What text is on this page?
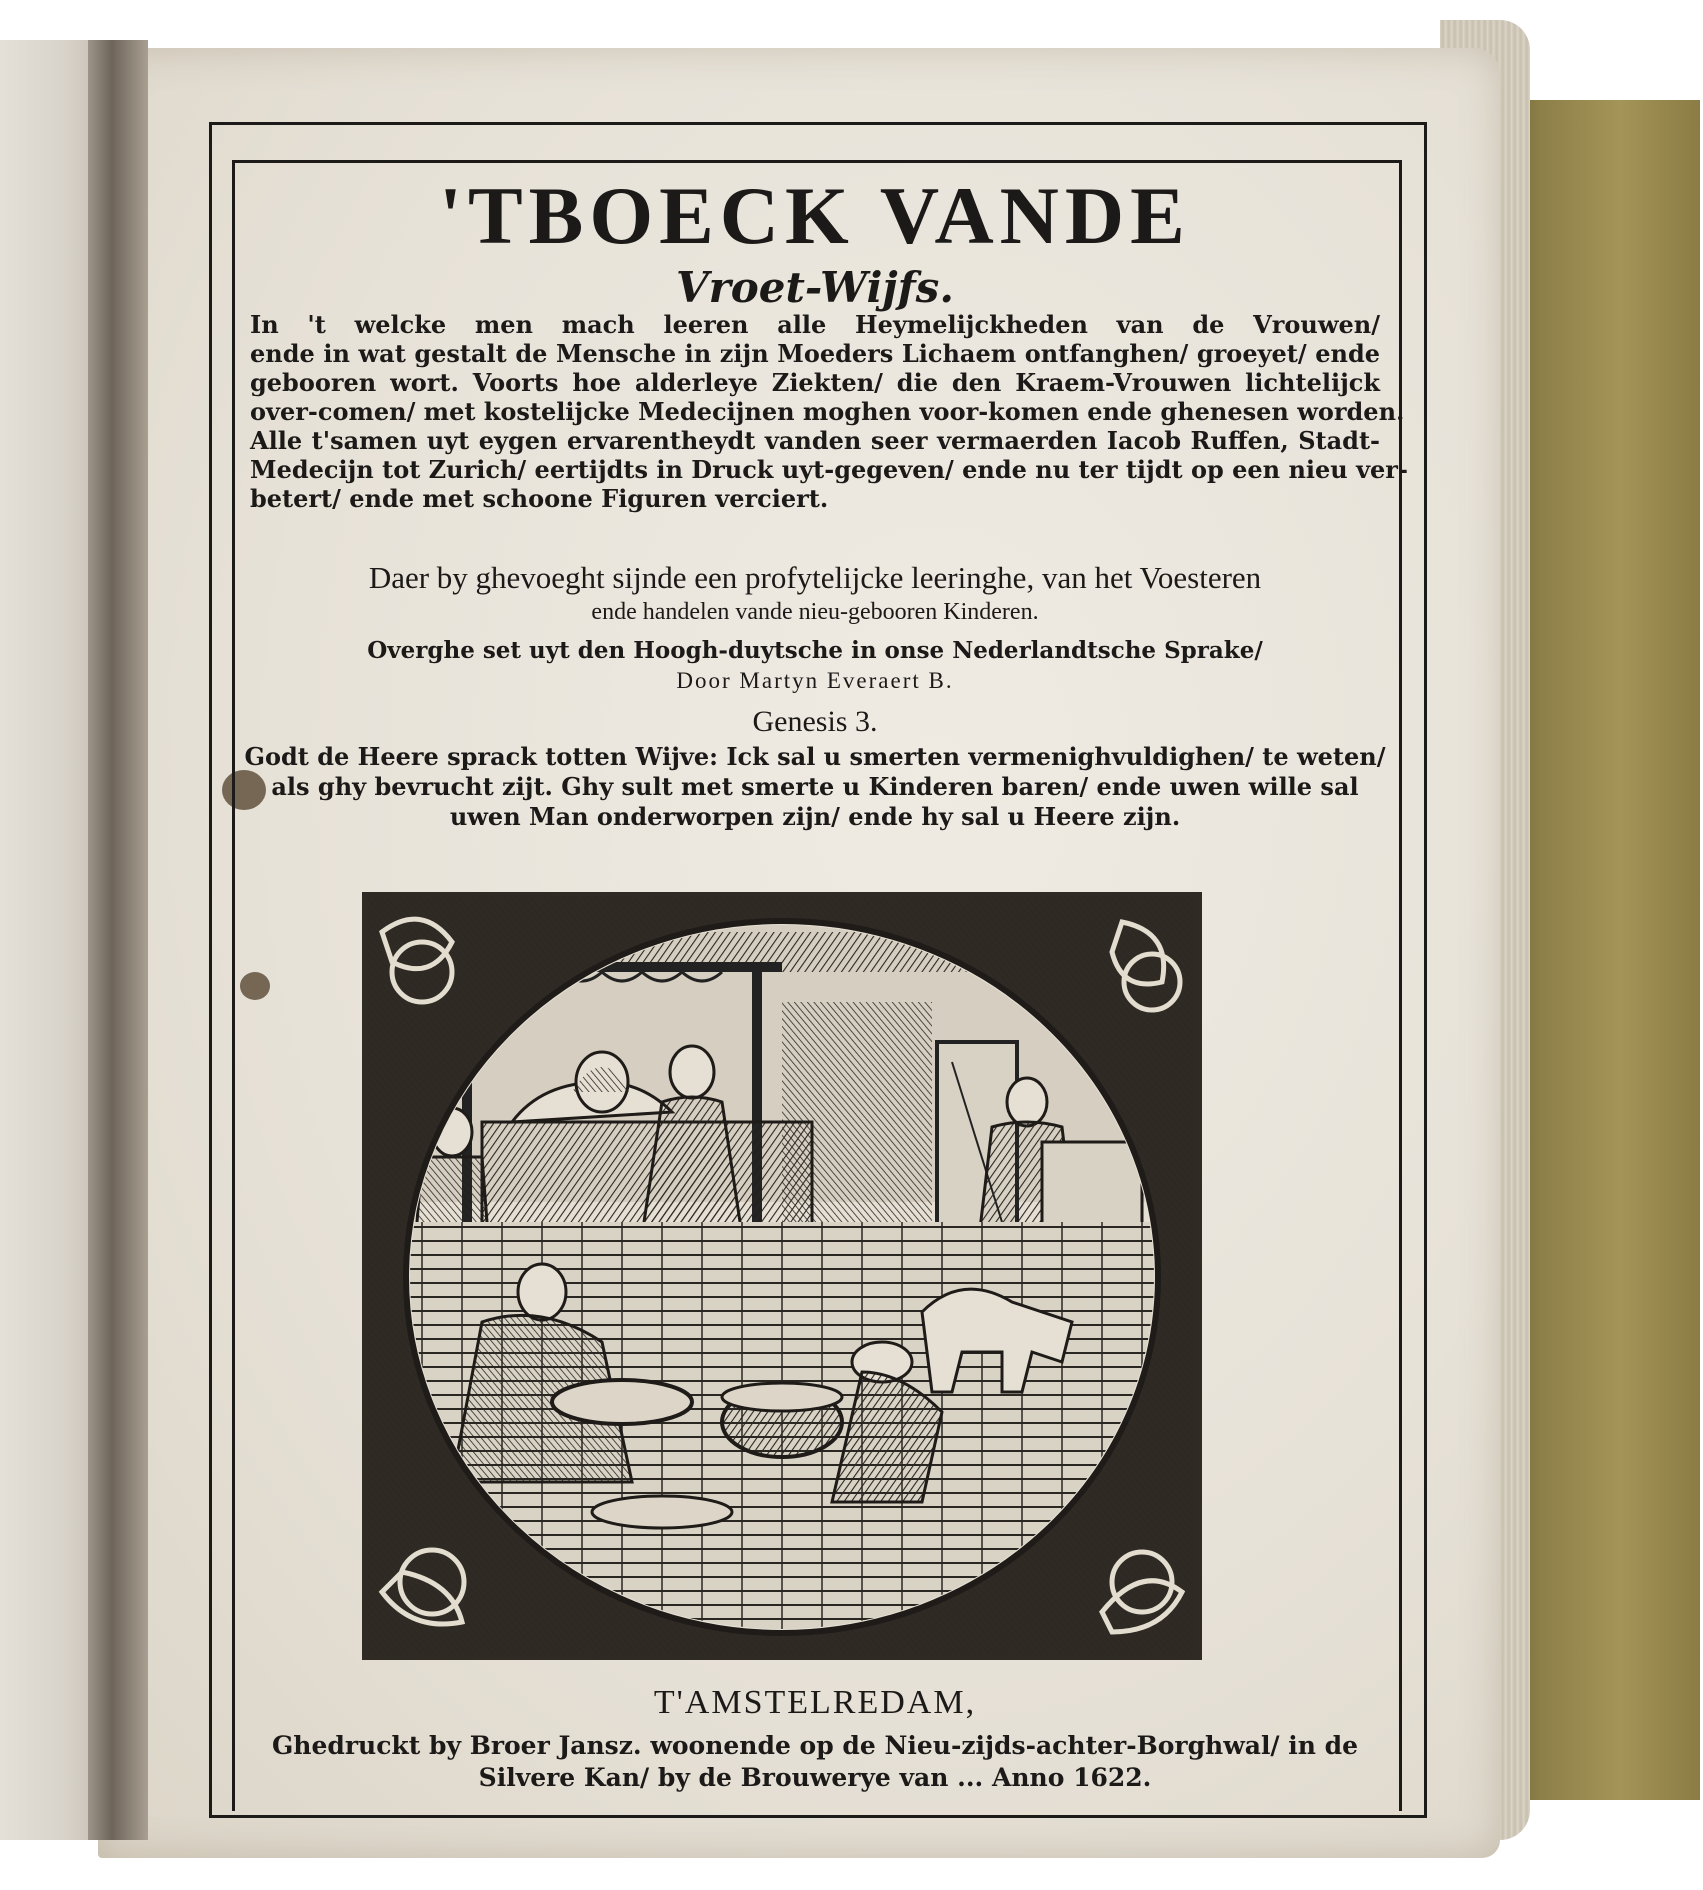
'TBOECK VANDE
Vroet-Wijfs.
In 't welcke men mach leeren alle Heymelijckheden van de Vrouwen/
ende in wat gestalt de Mensche in zijn Moeders Lichaem ontfanghen/ groeyet/ ende
gebooren wort. Voorts hoe alderleye Ziekten/ die den Kraem-Vrouwen lichtelijck
over-comen/ met kostelijcke Medecijnen moghen voor-komen ende ghenesen worden.
Alle t'samen uyt eygen ervarentheydt vanden seer vermaerden Iacob Ruffen, Stadt-
Medecijn tot Zurich/ eertijdts in Druck uyt-gegeven/ ende nu ter tijdt op een nieu ver-
betert/ ende met schoone Figuren verciert.
Daer by ghevoeght sijnde een profytelijcke leeringhe, van het Voesteren
ende handelen vande nieu-gebooren Kinderen.

Overghe set uyt den Hoogh-duytsche in onse Nederlandtsche Sprake/

Door Martyn Everaert B.

Genesis 3.

Godt de Heere sprack totten Wijve: Ick sal u smerten vermenighvuldighen/ te weten/
als ghy bevrucht zijt. Ghy sult met smerte u Kinderen baren/ ende uwen wille sal
uwen Man onderworpen zijn/ ende hy sal u Heere zijn.

T'AMSTELREDAM,

Ghedruckt by Broer Jansz. woonende op de Nieu-zijds-achter-Borghwal/ in de
Silvere Kan/ by de Brouwerye van ... Anno 1622.
